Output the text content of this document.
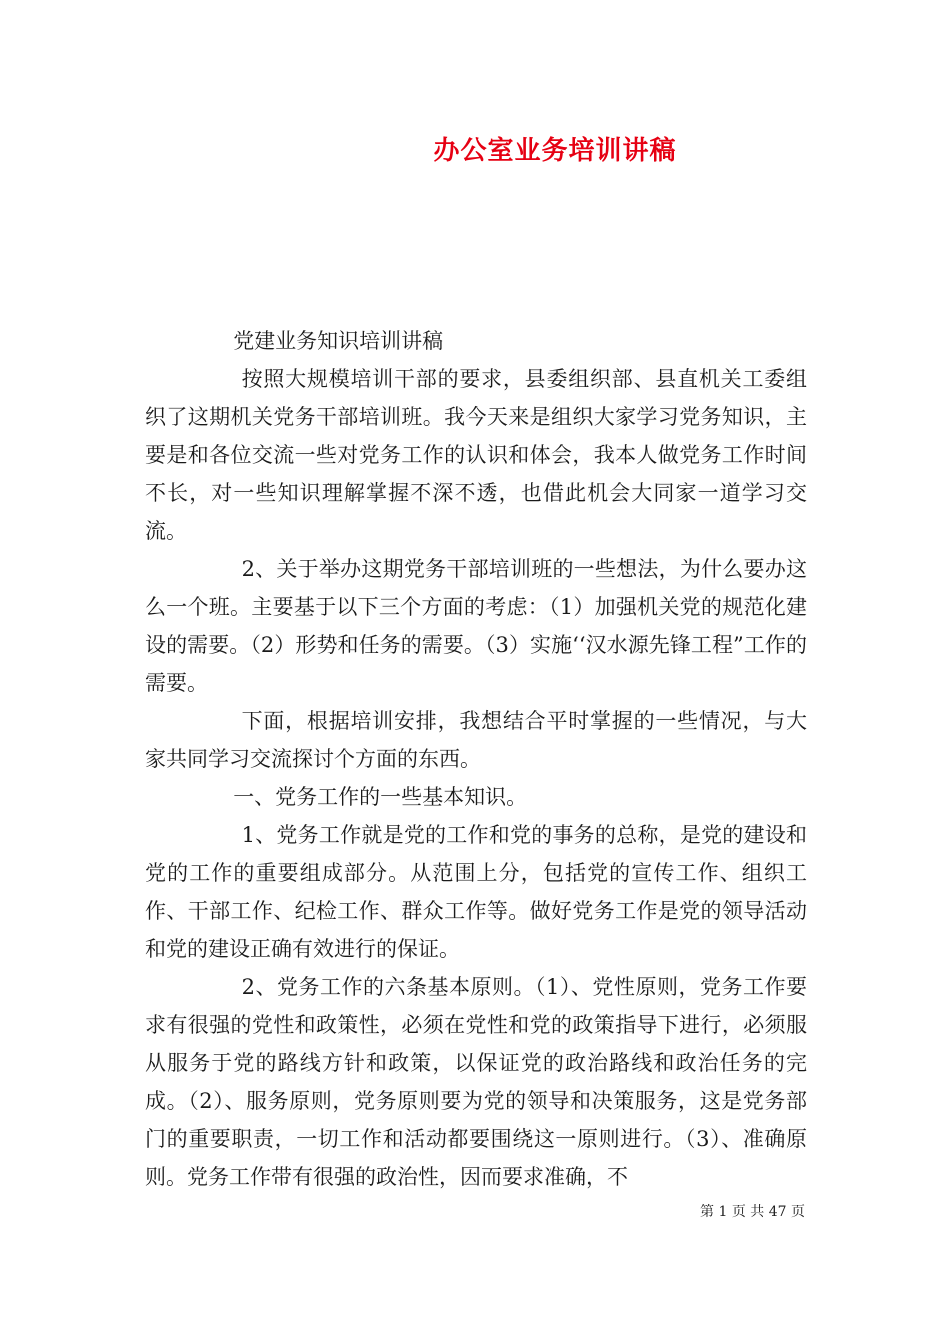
办公室业务培训讲稿

党建业务知识培训讲稿

按照大规模培训干部的要求，县委组织部、县直机关工委组织了这期机关党务干部培训班。我今天来是组织大家学习党务知识，主要是和各位交流一些对党务工作的认识和体会，我本人做党务工作时间不长，对一些知识理解掌握不深不透，也借此机会大同家一道学习交流。

2、关于举办这期党务干部培训班的一些想法，为什么要办这么一个班。主要基于以下三个方面的考虑：（1）加强机关党的规范化建设的需要。（2）形势和任务的需要。（3）实施‘‘汉水源先锋工程”工作的需要。

下面，根据培训安排，我想结合平时掌握的一些情况，与大家共同学习交流探讨个方面的东西。

一、党务工作的一些基本知识。

1、党务工作就是党的工作和党的事务的总称，是党的建设和党的工作的重要组成部分。从范围上分，包括党的宣传工作、组织工作、干部工作、纪检工作、群众工作等。做好党务工作是党的领导活动和党的建设正确有效进行的保证。

2、党务工作的六条基本原则。（1）、党性原则，党务工作要求有很强的党性和政策性，必须在党性和党的政策指导下进行，必须服从服务于党的路线方针和政策，以保证党的政治路线和政治任务的完成。（2）、服务原则，党务原则要为党的领导和决策服务，这是党务部门的重要职责，一切工作和活动都要围绕这一原则进行。（3）、准确原则。党务工作带有很强的政治性，因而要求准确，不

第 1 页 共 47 页
